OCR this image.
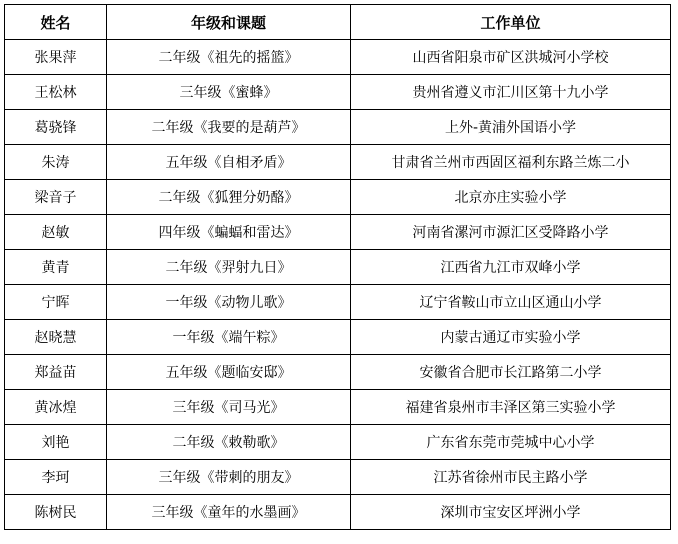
姓名	年级和课题	工作单位
张果萍	二年级《祖先的摇篮》	山西省阳泉市矿区洪城河小学校
王松林	三年级《蜜蜂》	贵州省遵义市汇川区第十九小学
葛骁锋	二年级《我要的是葫芦》	上外-黄浦外国语小学
朱涛	五年级《自相矛盾》	甘肃省兰州市西固区福利东路兰炼二小
梁音子	二年级《狐狸分奶酪》	北京亦庄实验小学
赵敏	四年级《蝙蝠和雷达》	河南省漯河市源汇区受降路小学
黄青	二年级《羿射九日》	江西省九江市双峰小学
宁晖	一年级《动物儿歌》	辽宁省鞍山市立山区通山小学
赵晓慧	一年级《端午粽》	内蒙古通辽市实验小学
郑益苗	五年级《题临安邸》	安徽省合肥市长江路第二小学
黄冰煌	三年级《司马光》	福建省泉州市丰泽区第三实验小学
刘艳	二年级《敕勒歌》	广东省东莞市莞城中心小学
李珂	三年级《带刺的朋友》	江苏省徐州市民主路小学
陈树民	三年级《童年的水墨画》	深圳市宝安区坪洲小学
